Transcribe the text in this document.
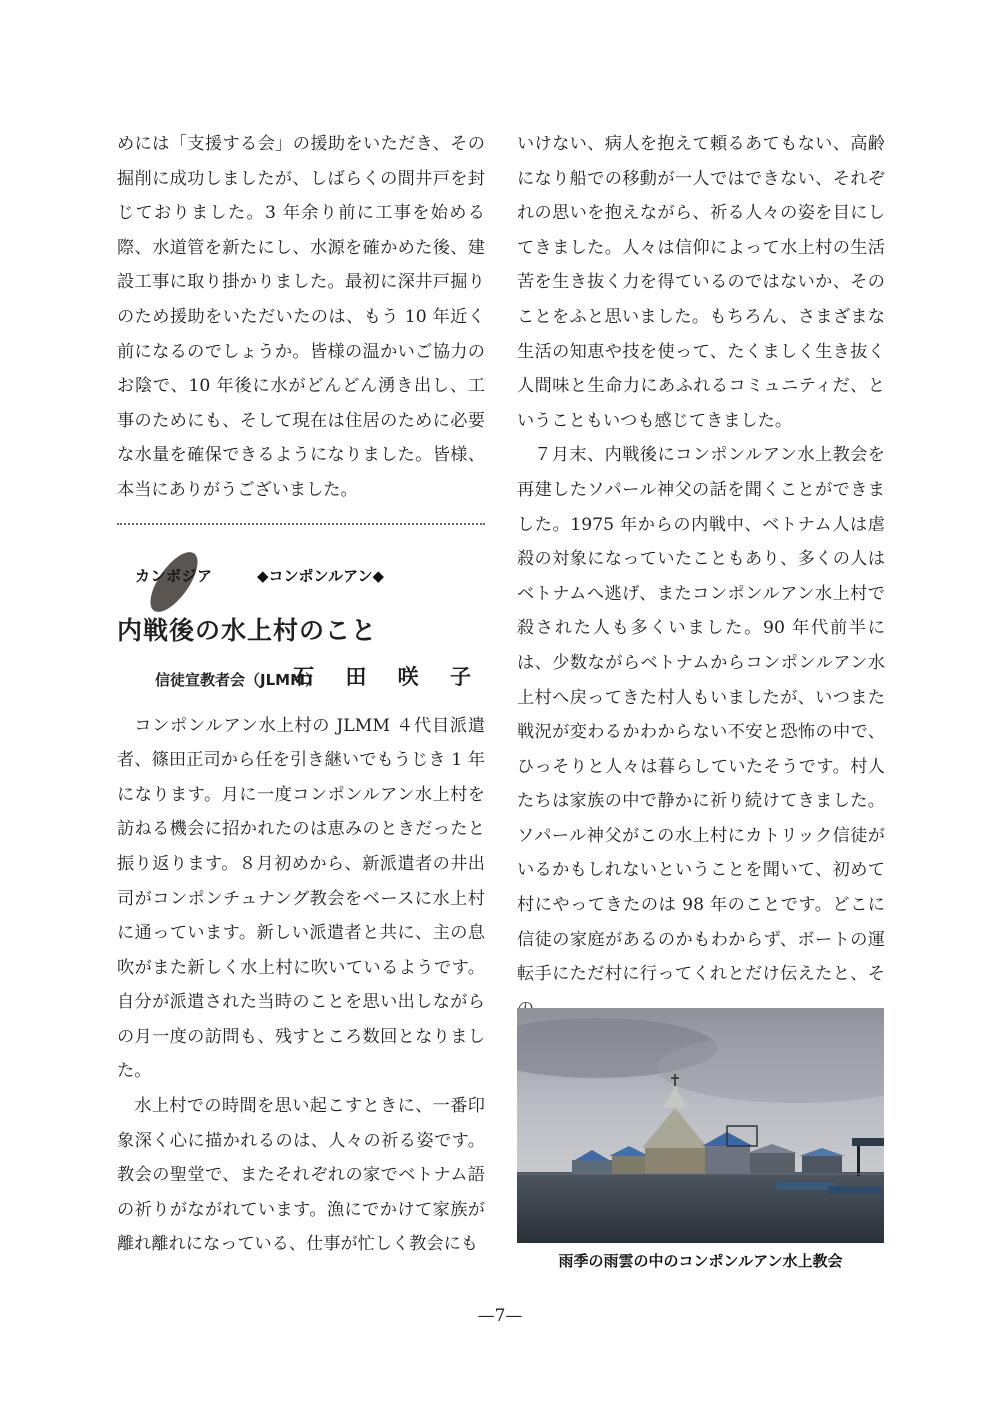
めには「支援する会」の援助をいただき、その掘削に成功しましたが、しばらくの間井戸を封じておりました。3 年余り前に工事を始める際、水道管を新たにし、水源を確かめた後、建設工事に取り掛かりました。最初に深井戸掘りのため援助をいただいたのは、もう 10 年近く前になるのでしょうか。皆様の温かいご協力のお陰で、10 年後に水がどんどん湧き出し、工事のためにも、そして現在は住居のために必要な水量を確保できるようになりました。皆様、本当にありがうございました。

カンボジア	◆コンポンルアン◆
内戦後の水上村のこと
信徒宣教者会（JLMM）
石 田 咲 子

コンポンルアン水上村の JLMM ４代目派遣者、篠田正司から任を引き継いでもうじき 1 年になります。月に一度コンポンルアン水上村を訪ねる機会に招かれたのは恵みのときだったと振り返ります。８月初めから、新派遣者の井出 司がコンポンチュナング教会をベースに水上村に通っています。新しい派遣者と共に、主の息吹がまた新しく水上村に吹いているようです。自分が派遣された当時のことを思い出しながらの月一度の訪問も、残すところ数回となりました。

水上村での時間を思い起こすときに、一番印象深く心に描かれるのは、人々の祈る姿です。教会の聖堂で、またそれぞれの家でベトナム語の祈りがながれています。漁にでかけて家族が離れ離れになっている、仕事が忙しく教会にも

いけない、病人を抱えて頼るあてもない、高齢になり船での移動が一人ではできない、それぞれの思いを抱えながら、祈る人々の姿を目にしてきました。人々は信仰によって水上村の生活苦を生き抜く力を得ているのではないか、そのことをふと思いました。もちろん、さまざまな生活の知恵や技を使って、たくましく生き抜く人間味と生命力にあふれるコミュニティだ、ということもいつも感じてきました。

７月末、内戦後にコンポンルアン水上教会を再建したソパール神父の話を聞くことができました。1975 年からの内戦中、ベトナム人は虐殺の対象になっていたこともあり、多くの人はベトナムへ逃げ、またコンポンルアン水上村で殺された人も多くいました。90 年代前半には、少数ながらベトナムからコンポンルアン水上村へ戻ってきた村人もいましたが、いつまた戦況が変わるかわからない不安と恐怖の中で、ひっそりと人々は暮らしていたそうです。村人たちは家族の中で静かに祈り続けてきました。ソパール神父がこの水上村にカトリック信徒がいるかもしれないということを聞いて、初めて村にやってきたのは 98 年のことです。どこに信徒の家庭があるのかもわからず、ボートの運転手にただ村に行ってくれとだけ伝えたと、そ

雨季の雨雲の中のコンポンルアン水上教会
—7—
